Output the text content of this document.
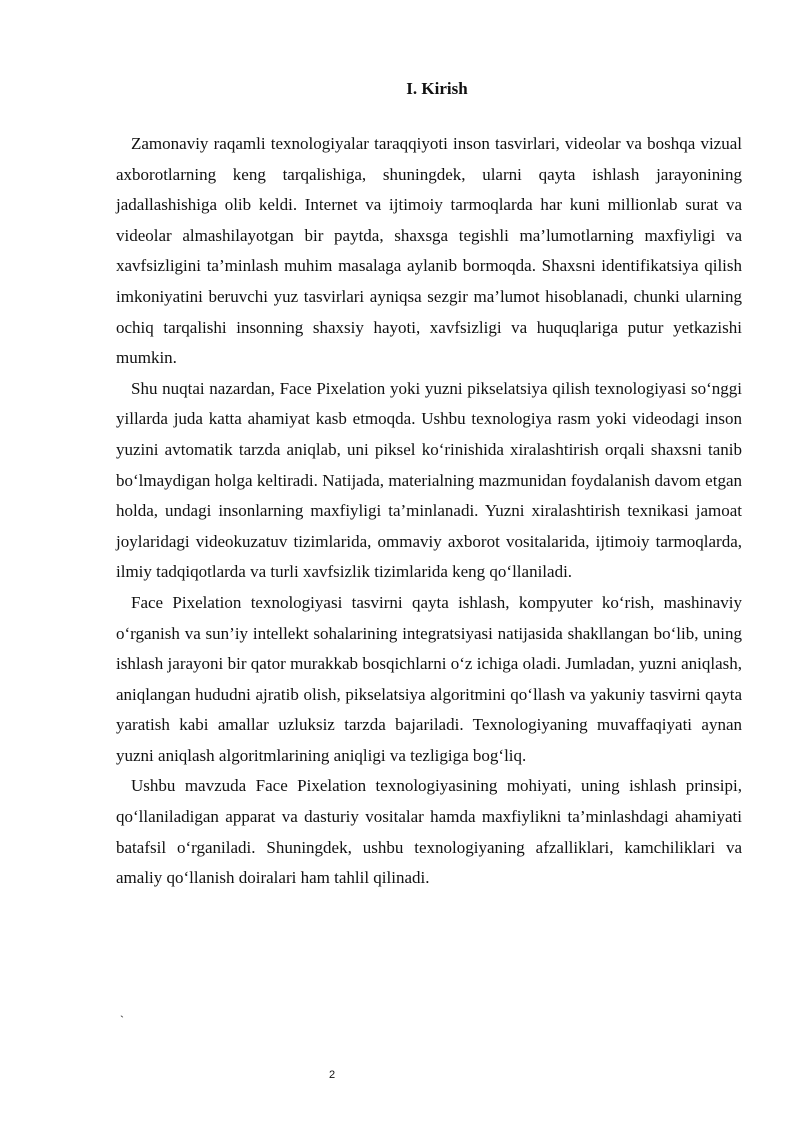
I. Kirish

Zamonaviy raqamli texnologiyalar taraqqiyoti inson tasvirlari, videolar va boshqa vizual axborotlarning keng tarqalishiga, shuningdek, ularni qayta ishlash jarayonining jadallashishiga olib keldi. Internet va ijtimoiy tarmoqlarda har kuni millionlab surat va videolar almashilayotgan bir paytda, shaxsga tegishli ma’lumotlarning maxfiyligi va xavfsizligini ta’minlash muhim masalaga aylanib bormoqda. Shaxsni identifikatsiya qilish imkoniyatini beruvchi yuz tasvirlari ayniqsa sezgir ma’lumot hisoblanadi, chunki ularning ochiq tarqalishi insonning shaxsiy hayoti, xavfsizligi va huquqlariga putur yetkazishi mumkin.

Shu nuqtai nazardan, Face Pixelation yoki yuzni pikselatsiya qilish texnologiyasi so‘nggi yillarda juda katta ahamiyat kasb etmoqda. Ushbu texnologiya rasm yoki videodagi inson yuzini avtomatik tarzda aniqlab, uni piksel ko‘rinishida xiralashtirish orqali shaxsni tanib bo‘lmaydigan holga keltiradi. Natijada, materialning mazmunidan foydalanish davom etgan holda, undagi insonlarning maxfiyligi ta’minlanadi. Yuzni xiralashtirish texnikasi jamoat joylaridagi videokuzatuv tizimlarida, ommaviy axborot vositalarida, ijtimoiy tarmoqlarda, ilmiy tadqiqotlarda va turli xavfsizlik tizimlarida keng qo‘llaniladi.

Face Pixelation texnologiyasi tasvirni qayta ishlash, kompyuter ko‘rish, mashinaviy o‘rganish va sun’iy intellekt sohalarining integratsiyasi natijasida shakllangan bo‘lib, uning ishlash jarayoni bir qator murakkab bosqichlarni o‘z ichiga oladi. Jumladan, yuzni aniqlash, aniqlangan hududni ajratib olish, pikselatsiya algoritmini qo‘llash va yakuniy tasvirni qayta yaratish kabi amallar uzluksiz tarzda bajariladi. Texnologiyaning muvaffaqiyati aynan yuzni aniqlash algoritmlarining aniqligi va tezligiga bog‘liq.

Ushbu mavzuda Face Pixelation texnologiyasining mohiyati, uning ishlash prinsipi, qo‘llaniladigan apparat va dasturiy vositalar hamda maxfiylikni ta’minlashdagi ahamiyati batafsil o‘rganiladi. Shuningdek, ushbu texnologiyaning afzalliklari, kamchiliklari va amaliy qo‘llanish doiralari ham tahlil qilinadi.

`

2
